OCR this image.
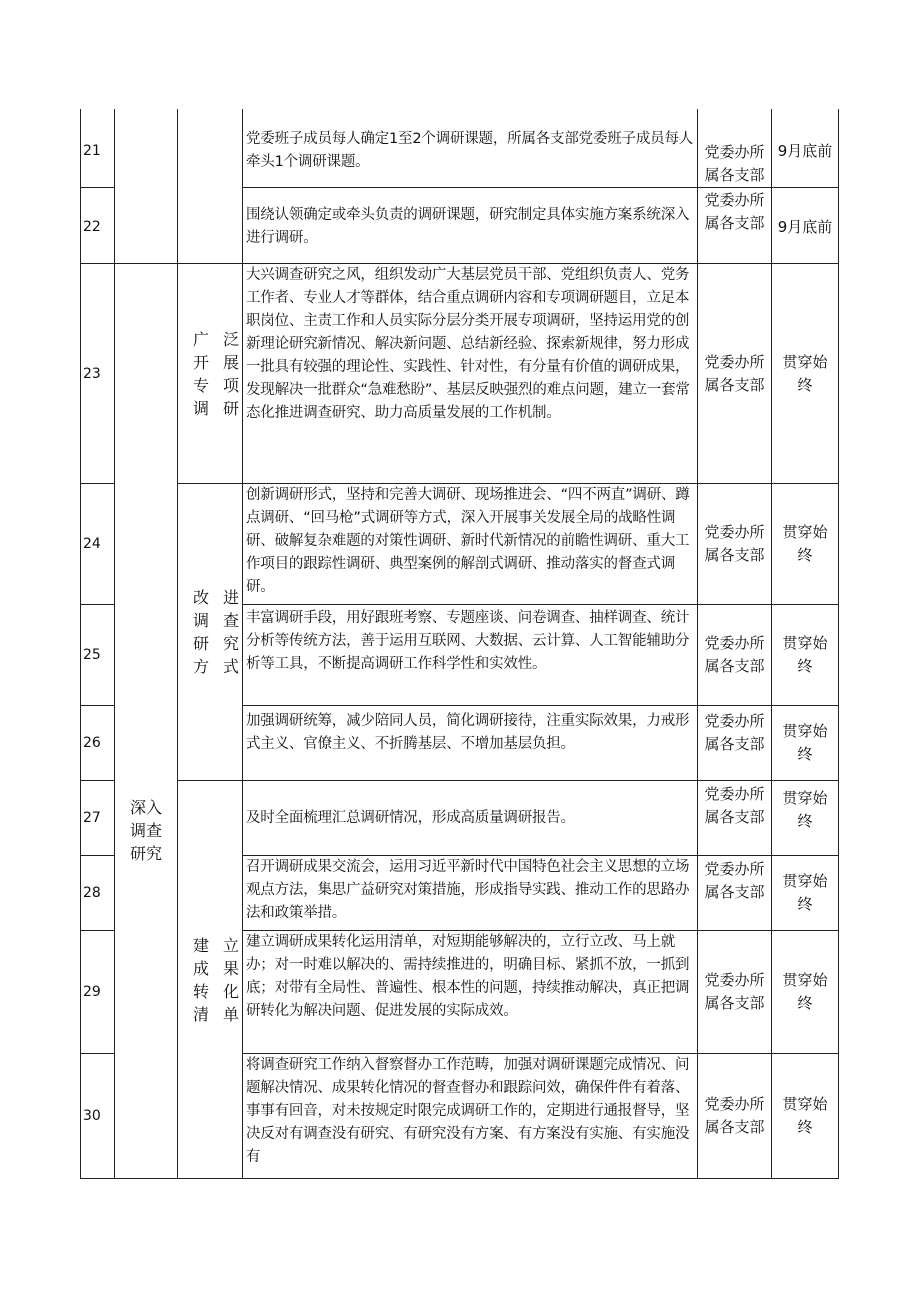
深入调查研究
广泛开展专项调研
改进调查研究方式
建立成果转化清单
21
党委班子成员每人确定1至2个调研课题，所属各支部党委班子成员每人牵头1个调研课题。
党委办所属各支部
9月底前
22
围绕认领确定或牵头负责的调研课题，研究制定具体实施方案系统深入进行调研。
党委办所属各支部 9月底前
23
大兴调查研究之风，组织发动广大基层党员干部、党组织负责人、党务工作者、专业人才等群体，结合重点调研内容和专项调研题目，立足本职岗位、主责工作和人员实际分层分类开展专项调研，坚持运用党的创新理论研究新情况、解决新问题、总结新经验、探索新规律，努力形成一批具有较强的理论性、实践性、针对性，有分量有价值的调研成果，发现解决一批群众“急难愁盼”、基层反映强烈的难点问题，建立一套常态化推进调查研究、助力高质量发展的工作机制。
党委办所属各支部
贯穿始终
24
创新调研形式，坚持和完善大调研、现场推进会、“四不两直”调研、蹲点调研、“回马枪”式调研等方式，深入开展事关发展全局的战略性调研、破解复杂难题的对策性调研、新时代新情况的前瞻性调研、重大工作项目的跟踪性调研、典型案例的解剖式调研、推动落实的督查式调研。
党委办所属各支部
贯穿始终
25
丰富调研手段，用好跟班考察、专题座谈、问卷调查、抽样调查、统计分析等传统方法，善于运用互联网、大数据、云计算、人工智能辅助分析等工具，不断提高调研工作科学性和实效性。
党委办所属各支部
贯穿始终
26
加强调研统筹，减少陪同人员，简化调研接待，注重实际效果，力戒形式主义、官僚主义、不折腾基层、不增加基层负担。
党委办所属各支部
贯穿始终
27	及时全面梳理汇总调研情况，形成高质量调研报告。
党委办所属各支部
贯穿始终
28
召开调研成果交流会，运用习近平新时代中国特色社会主义思想的立场观点方法，集思广益研究对策措施，形成指导实践、推动工作的思路办法和政策举措。
党委办所属各支部
贯穿始终
29
建立调研成果转化运用清单，对短期能够解决的，立行立改、马上就办；对一时难以解决的、需持续推进的，明确目标、紧抓不放，一抓到底；对带有全局性、普遍性、根本性的问题，持续推动解决，真正把调研转化为解决问题、促进发展的实际成效。
党委办所属各支部
贯穿始终
30
将调查研究工作纳入督察督办工作范畴，加强对调研课题完成情况、问题解决情况、成果转化情况的督查督办和跟踪问效，确保件件有着落、事事有回音，对未按规定时限完成调研工作的，定期进行通报督导，坚决反对有调查没有研究、有研究没有方案、有方案没有实施、有实施没有
党委办所属各支部
贯穿始终
